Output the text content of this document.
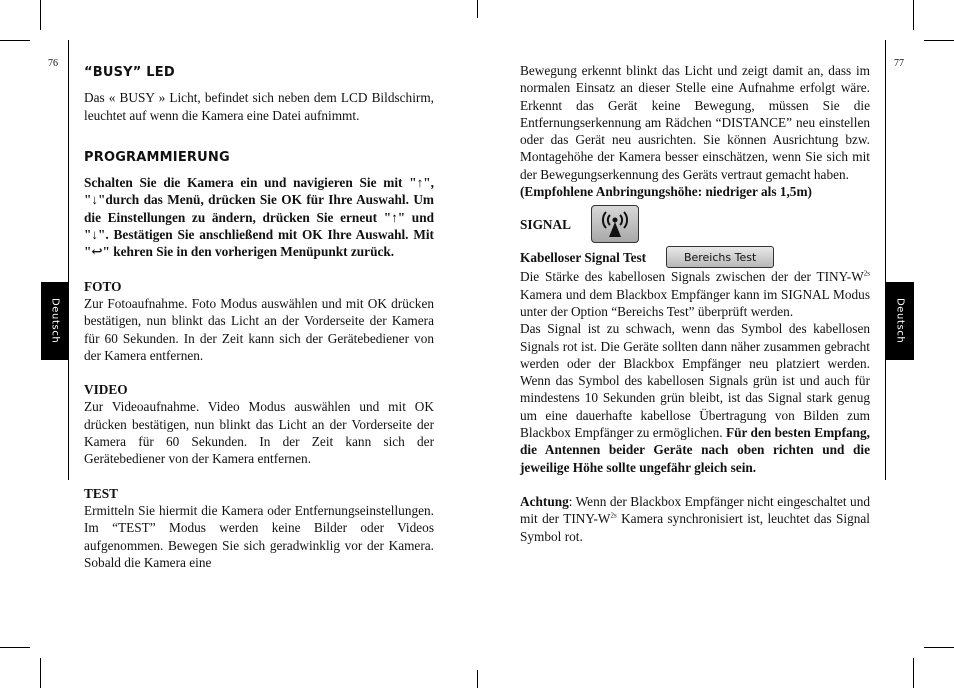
76	77
Deutsch	Deutsch

“BUSY” LED

Das « BUSY » Licht, befindet sich neben dem LCD Bildschirm, leuchtet auf wenn die Kamera eine Datei aufnimmt.

PROGRAMMIERUNG

Schalten Sie die Kamera ein und navigieren Sie mit "↑", "↓"durch das Menü, drücken Sie OK für Ihre Auswahl. Um die Einstellungen zu ändern, drücken Sie erneut "↑" und "↓". Bestätigen Sie anschließend mit OK Ihre Auswahl. Mit "↩" kehren Sie in den vorherigen Menüpunkt zurück.

FOTO

Zur Fotoaufnahme. Foto Modus auswählen und mit OK drücken bestätigen, nun blinkt das Licht an der Vorderseite der Kamera für 60 Sekunden. In der Zeit kann sich der Gerätebediener von der Kamera entfernen.

VIDEO

Zur Videoaufnahme. Video Modus auswählen und mit OK drücken bestätigen, nun blinkt das Licht an der Vorderseite der Kamera für 60 Sekunden. In der Zeit kann sich der Gerätebediener von der Kamera entfernen.

TEST

Ermitteln Sie hiermit die Kamera oder Entfernungseinstellungen. Im “TEST” Modus werden keine Bilder oder Videos aufgenommen. Bewegen Sie sich geradwinklig vor der Kamera. Sobald die Kamera eine

Bewegung erkennt blinkt das Licht und zeigt damit an, dass im normalen Einsatz an dieser Stelle eine Aufnahme erfolgt wäre. Erkennt das Gerät keine Bewegung, müssen Sie die Entfernungserkennung am Rädchen “DISTANCE” neu einstellen oder das Gerät neu ausrichten. Sie können Ausrichtung bzw. Montagehöhe der Kamera besser einschätzen, wenn Sie sich mit der Bewegungserkennung des Geräts vertraut gemacht haben.

(Empfohlene Anbringungshöhe: niedriger als 1,5m)

SIGNAL
Kabelloser Signal Test	Bereichs Test

Die Stärke des kabellosen Signals zwischen der der TINY-$W^{2s}$ Kamera und dem Blackbox Empfänger kann im SIGNAL Modus unter der Option “Bereichs Test” überprüft werden.

Das Signal ist zu schwach, wenn das Symbol des kabellosen Signals rot ist. Die Geräte sollten dann näher zusammen gebracht werden oder der Blackbox Empfänger neu platziert werden. Wenn das Symbol des kabellosen Signals grün ist und auch für mindestens 10 Sekunden grün bleibt, ist das Signal stark genug um eine dauerhafte kabellose Übertragung von Bilden zum Blackbox Empfänger zu ermöglichen. Für den besten Empfang, die Antennen beider Geräte nach oben richten und die jeweilige Höhe sollte ungefähr gleich sein.

Achtung: Wenn der Blackbox Empfänger nicht eingeschaltet und mit der TINY-$W^{2s}$ Kamera synchronisiert ist, leuchtet das Signal Symbol rot.
